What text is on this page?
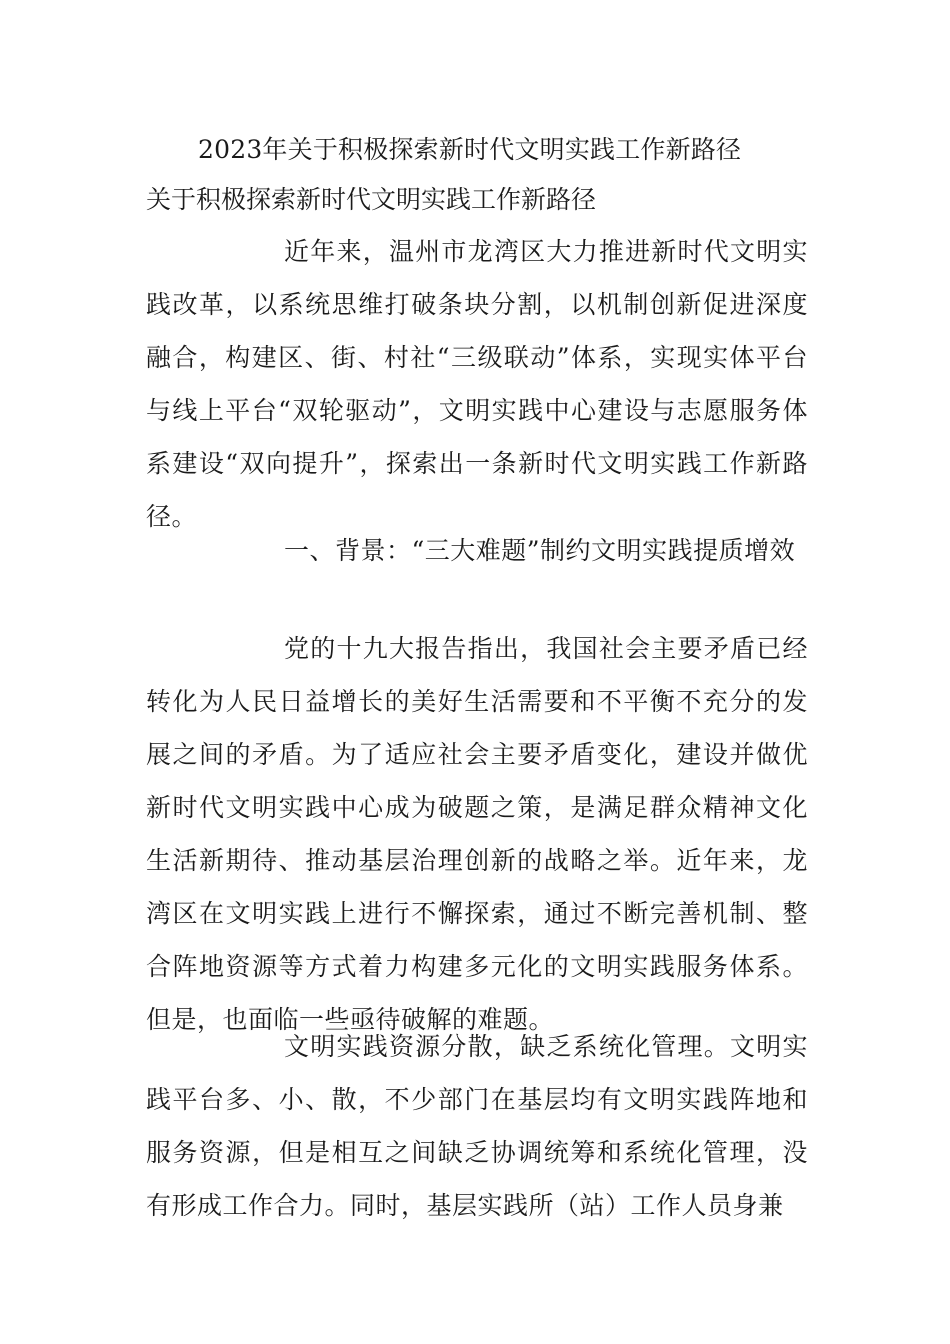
2023年关于积极探索新时代文明实践工作新路径
关于积极探索新时代文明实践工作新路径
近年来，温州市龙湾区大力推进新时代文明实践改革，以系统思维打破条块分割，以机制创新促进深度融合，构建区、街、村社“三级联动”体系，实现实体平台与线上平台“双轮驱动”，文明实践中心建设与志愿服务体系建设“双向提升”，探索出一条新时代文明实践工作新路径。
一、背景：“三大难题”制约文明实践提质增效
党的十九大报告指出，我国社会主要矛盾已经转化为人民日益增长的美好生活需要和不平衡不充分的发展之间的矛盾。为了适应社会主要矛盾变化，建设并做优新时代文明实践中心成为破题之策，是满足群众精神文化生活新期待、推动基层治理创新的战略之举。近年来，龙湾区在文明实践上进行不懈探索，通过不断完善机制、整合阵地资源等方式着力构建多元化的文明实践服务体系。但是，也面临一些亟待破解的难题。
文明实践资源分散，缺乏系统化管理。文明实践平台多、小、散，不少部门在基层均有文明实践阵地和服务资源，但是相互之间缺乏协调统筹和系统化管理，没有形成工作合力。同时，基层实践所（站）工作人员身兼
